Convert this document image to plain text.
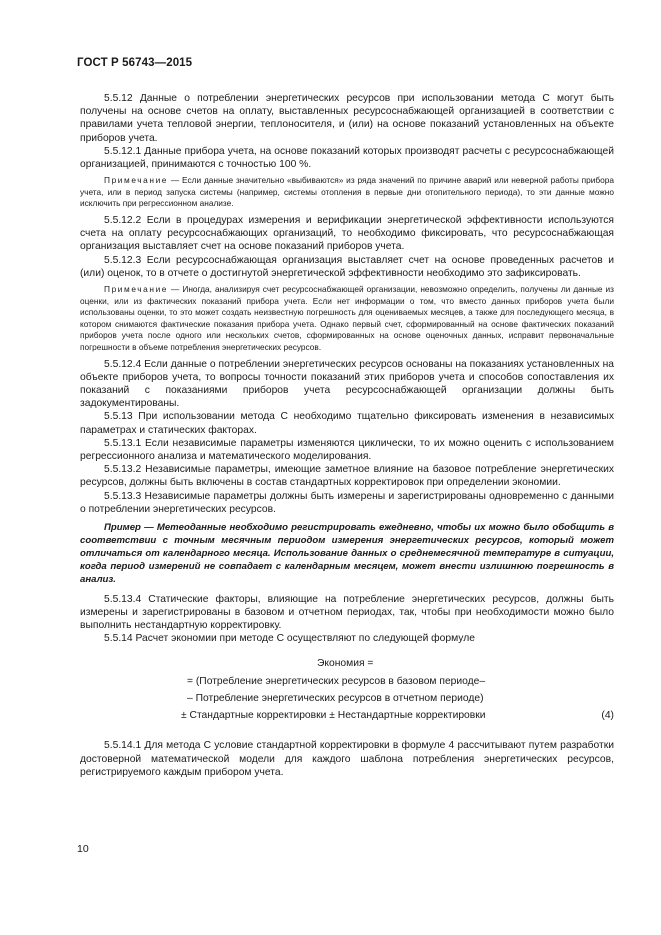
ГОСТ Р 56743—2015

5.5.12 Данные о потреблении энергетических ресурсов при использовании метода С могут быть получены на основе счетов на оплату, выставленных ресурсоснабжающей организацией в соответствии с правилами учета тепловой энергии, теплоносителя, и (или) на основе показаний установленных на объекте приборов учета.

5.5.12.1 Данные прибора учета, на основе показаний которых производят расчеты с ресурсоснабжающей организацией, принимаются с точностью 100 %.

Примечание — Если данные значительно «выбиваются» из ряда значений по причине аварий или неверной работы прибора учета, или в период запуска системы (например, системы отопления в первые дни отопительного периода), то эти данные можно исключить при регрессионном анализе.

5.5.12.2 Если в процедурах измерения и верификации энергетической эффективности используются счета на оплату ресурсоснабжающих организаций, то необходимо фиксировать, что ресурсоснабжающая организация выставляет счет на основе показаний приборов учета.

5.5.12.3 Если ресурсоснабжающая организация выставляет счет на основе проведенных расчетов и (или) оценок, то в отчете о достигнутой энергетической эффективности необходимо это зафиксировать.

Примечание — Иногда, анализируя счет ресурсоснабжающей организации, невозможно определить, получены ли данные из оценки, или из фактических показаний прибора учета. Если нет информации о том, что вместо данных приборов учета были использованы оценки, то это может создать неизвестную погрешность для оцениваемых месяцев, а также для последующего месяца, в котором снимаются фактические показания прибора учета. Однако первый счет, сформированный на основе фактических показаний приборов учета после одного или нескольких счетов, сформированных на основе оценочных данных, исправит первоначальные погрешности в объеме потребления энергетических ресурсов.

5.5.12.4 Если данные о потреблении энергетических ресурсов основаны на показаниях установленных на объекте приборов учета, то вопросы точности показаний этих приборов учета и способов сопоставления их показаний с показаниями приборов учета ресурсоснабжающей организации должны быть задокументированы.

5.5.13 При использовании метода С необходимо тщательно фиксировать изменения в независимых параметрах и статических факторах.

5.5.13.1 Если независимые параметры изменяются циклически, то их можно оценить с использованием регрессионного анализа и математического моделирования.

5.5.13.2 Независимые параметры, имеющие заметное влияние на базовое потребление энергетических ресурсов, должны быть включены в состав стандартных корректировок при определении экономии.

5.5.13.3 Независимые параметры должны быть измерены и зарегистрированы одновременно с данными о потреблении энергетических ресурсов.

Пример — Метеоданные необходимо регистрировать ежедневно, чтобы их можно было обобщить в соответствии с точным месячным периодом измерения энергетических ресурсов, который может отличаться от календарного месяца. Использование данных о среднемесячной температуре в ситуации, когда период измерений не совпадает с календарным месяцем, может внести излишнюю погрешность в анализ.

5.5.13.4 Статические факторы, влияющие на потребление энергетических ресурсов, должны быть измерены и зарегистрированы в базовом и отчетном периодах, так, чтобы при необходимости можно было выполнить нестандартную корректировку.

5.5.14 Расчет экономии при методе С осуществляют по следующей формуле

Экономия =
= (Потребление энергетических ресурсов в базовом периоде–
– Потребление энергетических ресурсов в отчетном периоде)
± Стандартные корректировки ± Нестандартные корректировки	(4)

5.5.14.1 Для метода С условие стандартной корректировки в формуле 4 рассчитывают путем разработки достоверной математической модели для каждого шаблона потребления энергетических ресурсов, регистрируемого каждым прибором учета.

10
